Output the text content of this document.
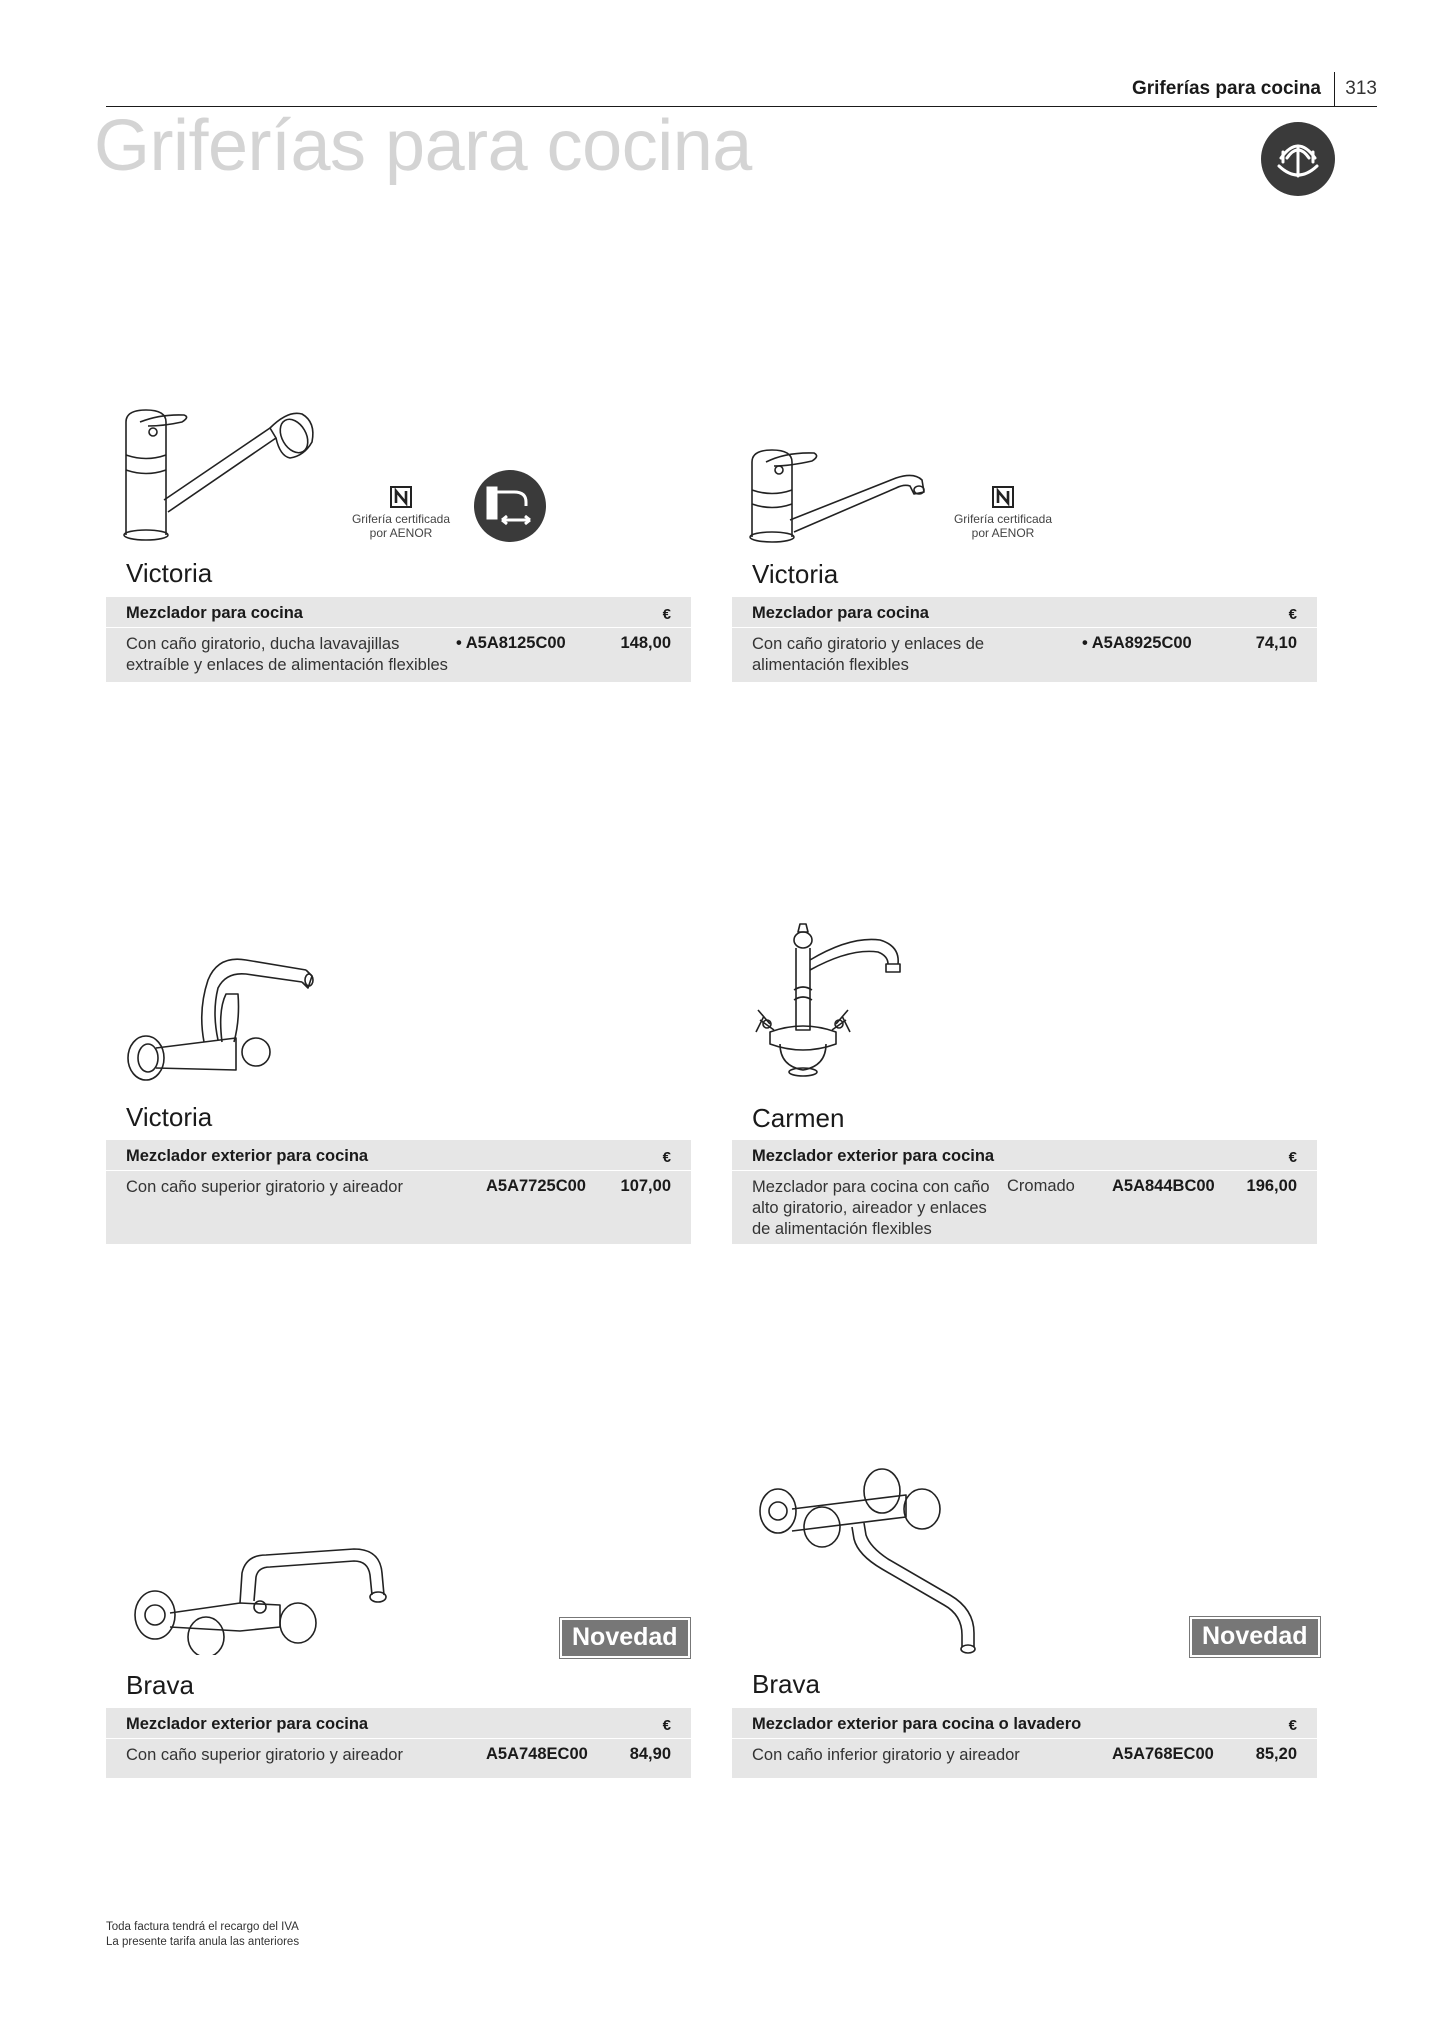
Griferías para cocina 313
Griferías para cocina
Grifería certificada por AENOR
Victoria
Mezclador para cocina	€
Con caño giratorio, ducha lavavajillas extraíble y enlaces de alimentación flexibles
• A5A8125C00	148,00
Grifería certificada por AENOR
Victoria
Mezclador para cocina	€
Con caño giratorio y enlaces de alimentación flexibles
• A5A8925C00	74,10
Victoria
Mezclador exterior para cocina	€
Con caño superior giratorio y aireador	A5A7725C00 107,00
Carmen
Mezclador exterior para cocina	€
Mezclador para cocina con caño alto giratorio, aireador y enlaces de alimentación flexibles
Cromado A5A844BC00 196,00
Novedad
Brava
Mezclador exterior para cocina	€
Con caño superior giratorio y aireador	A5A748EC00	84,90
Novedad
Brava
Mezclador exterior para cocina o lavadero	€
Con caño inferior giratorio y aireador	A5A768EC00	85,20
Toda factura tendrá el recargo del IVA
La presente tarifa anula las anteriores
